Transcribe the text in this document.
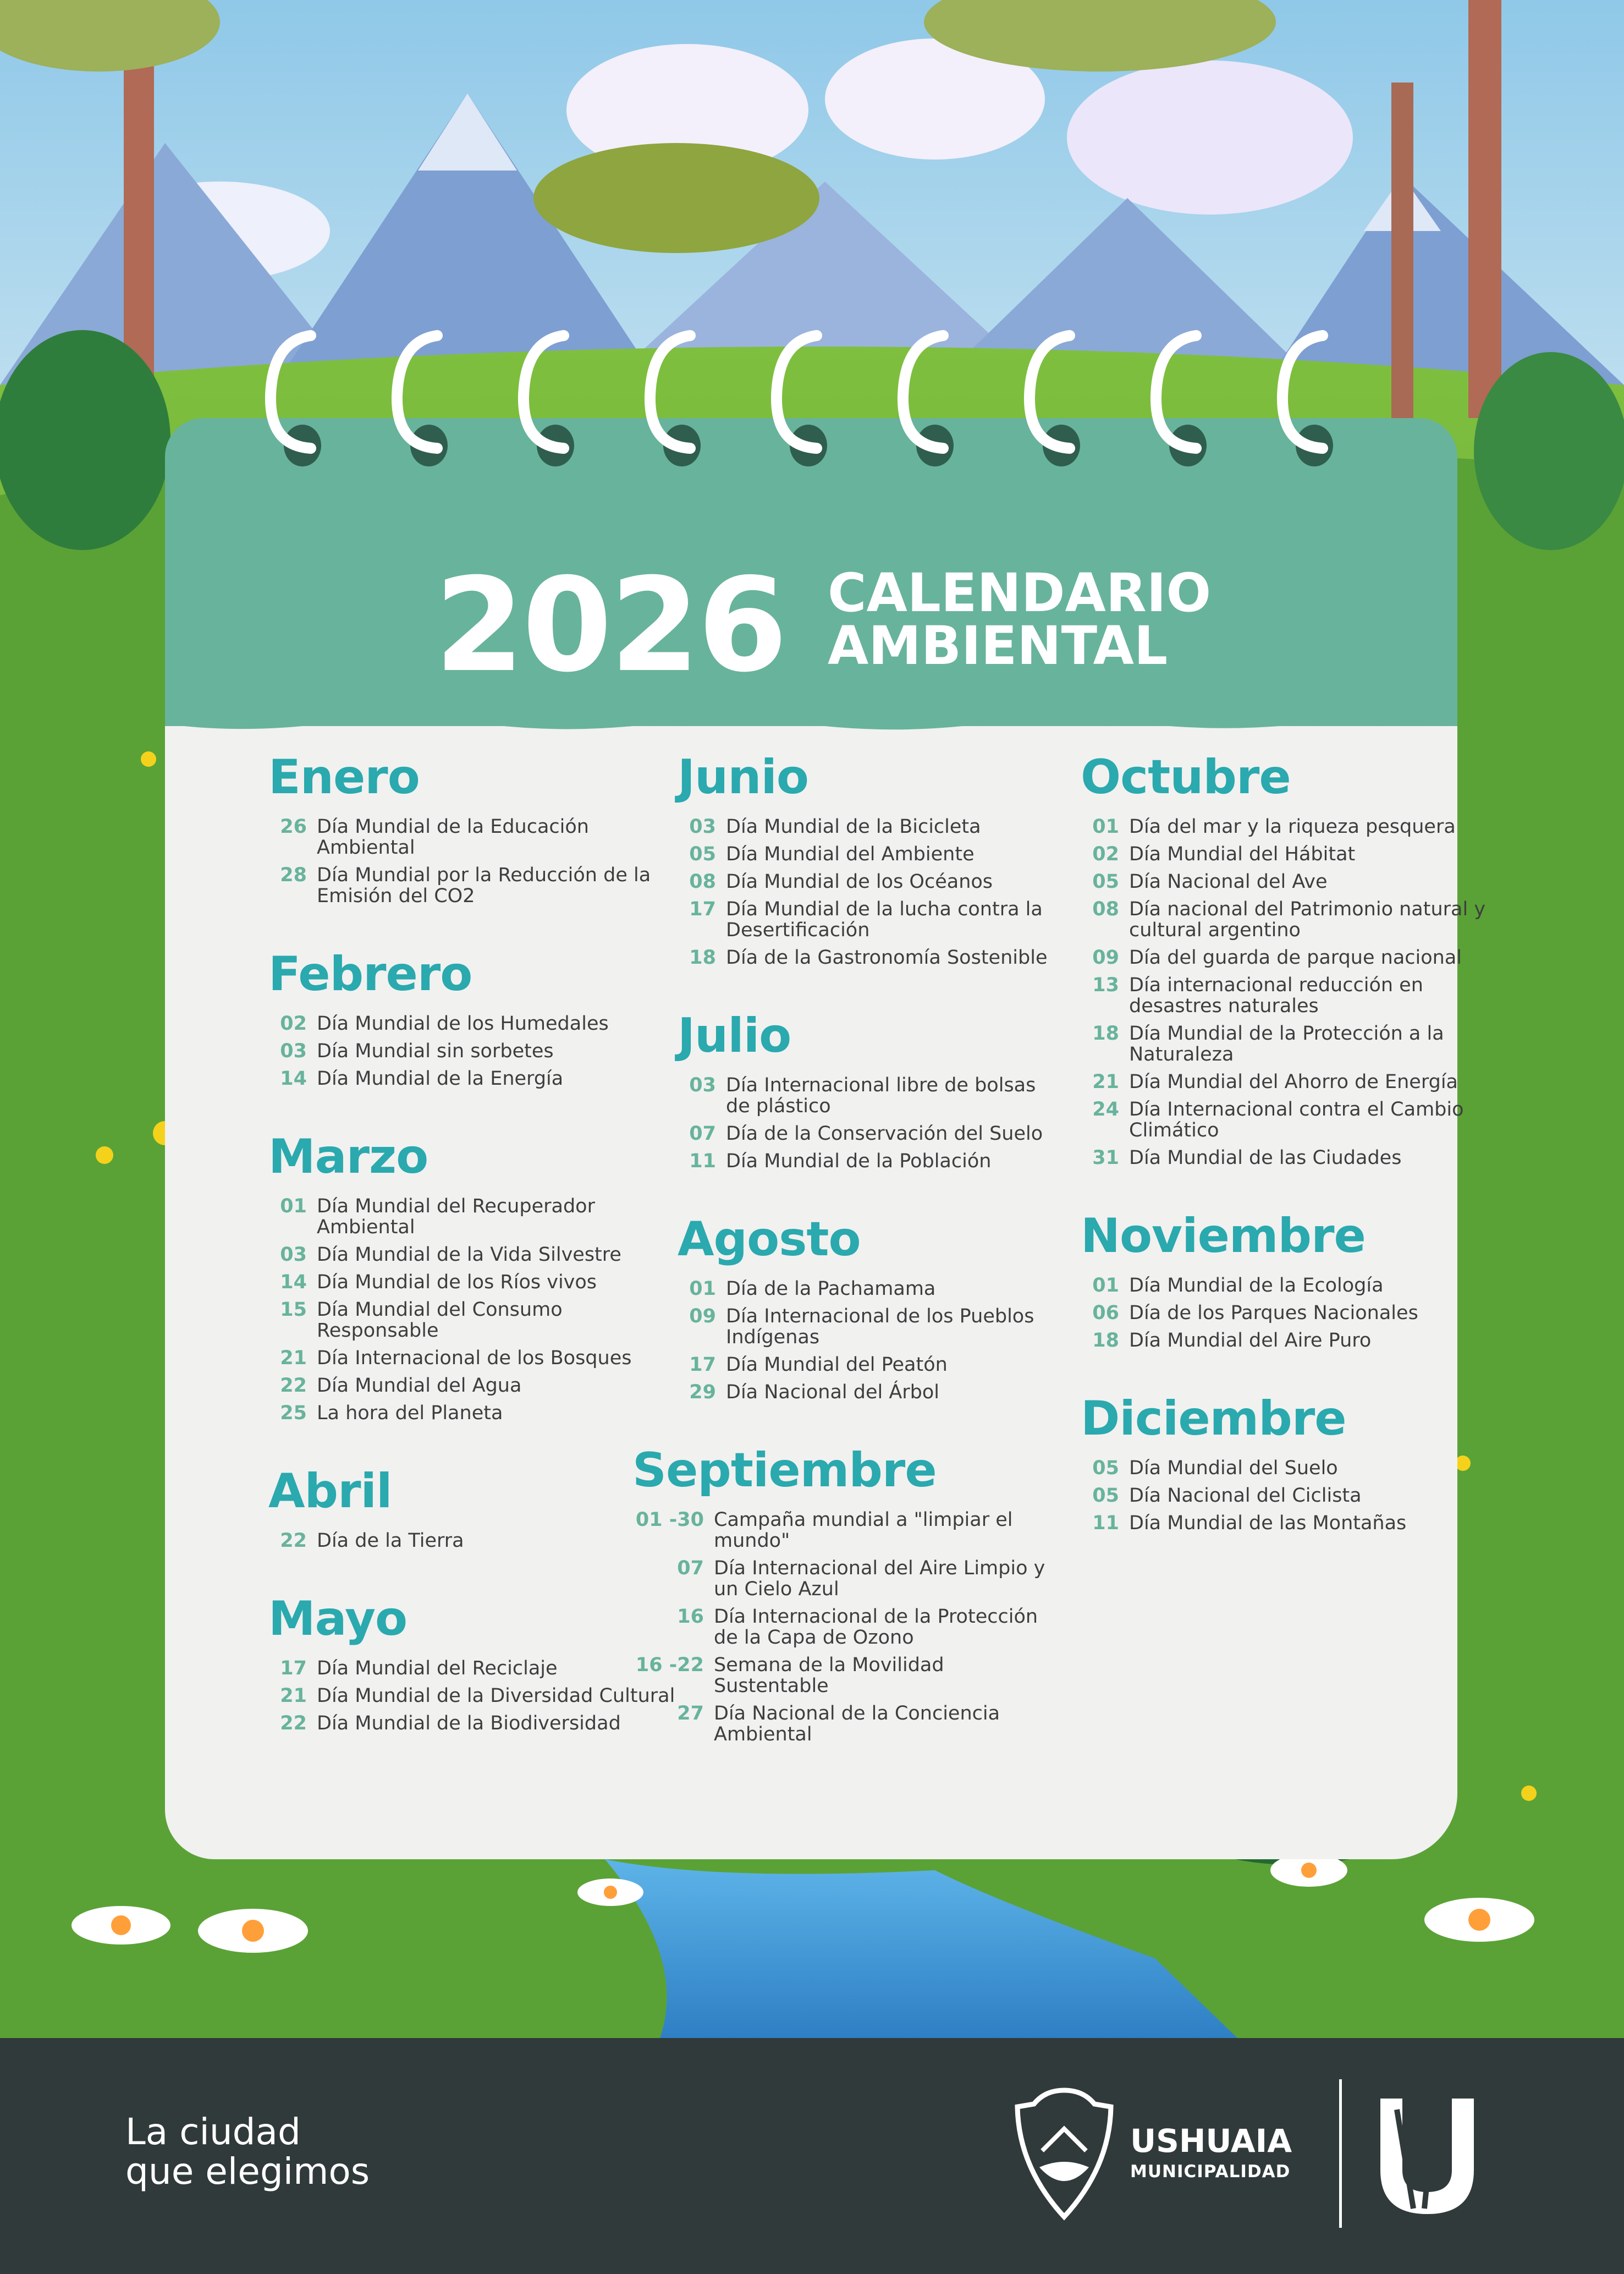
2026 CALENDARIO
AMBIENTAL
Enero
26 Día Mundial de la Educación Ambiental
28 Día Mundial por la Reducción de la Emisión del CO2
Febrero
02 Día Mundial de los Humedales
03 Día Mundial sin sorbetes
14 Día Mundial de la Energía
Marzo
01 Día Mundial del Recuperador Ambiental
03 Día Mundial de la Vida Silvestre
14 Día Mundial de los Ríos vivos
15 Día Mundial del Consumo Responsable
21 Día Internacional de los Bosques
22 Día Mundial del Agua
25 La hora del Planeta
Abril
22 Día de la Tierra
Mayo
17 Día Mundial del Reciclaje
21 Día Mundial de la Diversidad Cultural
22 Día Mundial de la Biodiversidad
Junio
03 Día Mundial de la Bicicleta
05 Día Mundial del Ambiente
08 Día Mundial de los Océanos
17 Día Mundial de la lucha contra la Desertificación
18 Día de la Gastronomía Sostenible
Julio
03 Día Internacional libre de bolsas de plástico
07 Día de la Conservación del Suelo
11 Día Mundial de la Población
Agosto
01 Día de la Pachamama
09 Día Internacional de los Pueblos Indígenas
17 Día Mundial del Peatón
29 Día Nacional del Árbol
Septiembre
01 -30 Campaña mundial a "limpiar el mundo"
07 Día Internacional del Aire Limpio y un Cielo Azul
16 Día Internacional de la Protección de la Capa de Ozono
16 -22 Semana de la Movilidad Sustentable
27 Día Nacional de la Conciencia Ambiental
Octubre
01 Día del mar y la riqueza pesquera
02 Día Mundial del Hábitat
05 Día Nacional del Ave
08 Día nacional del Patrimonio natural y cultural argentino
09 Día del guarda de parque nacional
13 Día internacional reducción en desastres naturales
18 Día Mundial de la Protección a la Naturaleza
21 Día Mundial del Ahorro de Energía
24 Día Internacional contra el Cambio Climático
31 Día Mundial de las Ciudades
Noviembre
01 Día Mundial de la Ecología
06 Día de los Parques Nacionales
18 Día Mundial del Aire Puro
Diciembre
05 Día Mundial del Suelo
05 Día Nacional del Ciclista
11 Día Mundial de las Montañas
La ciudad
que elegimos
USHUAIA
MUNICIPALIDAD
